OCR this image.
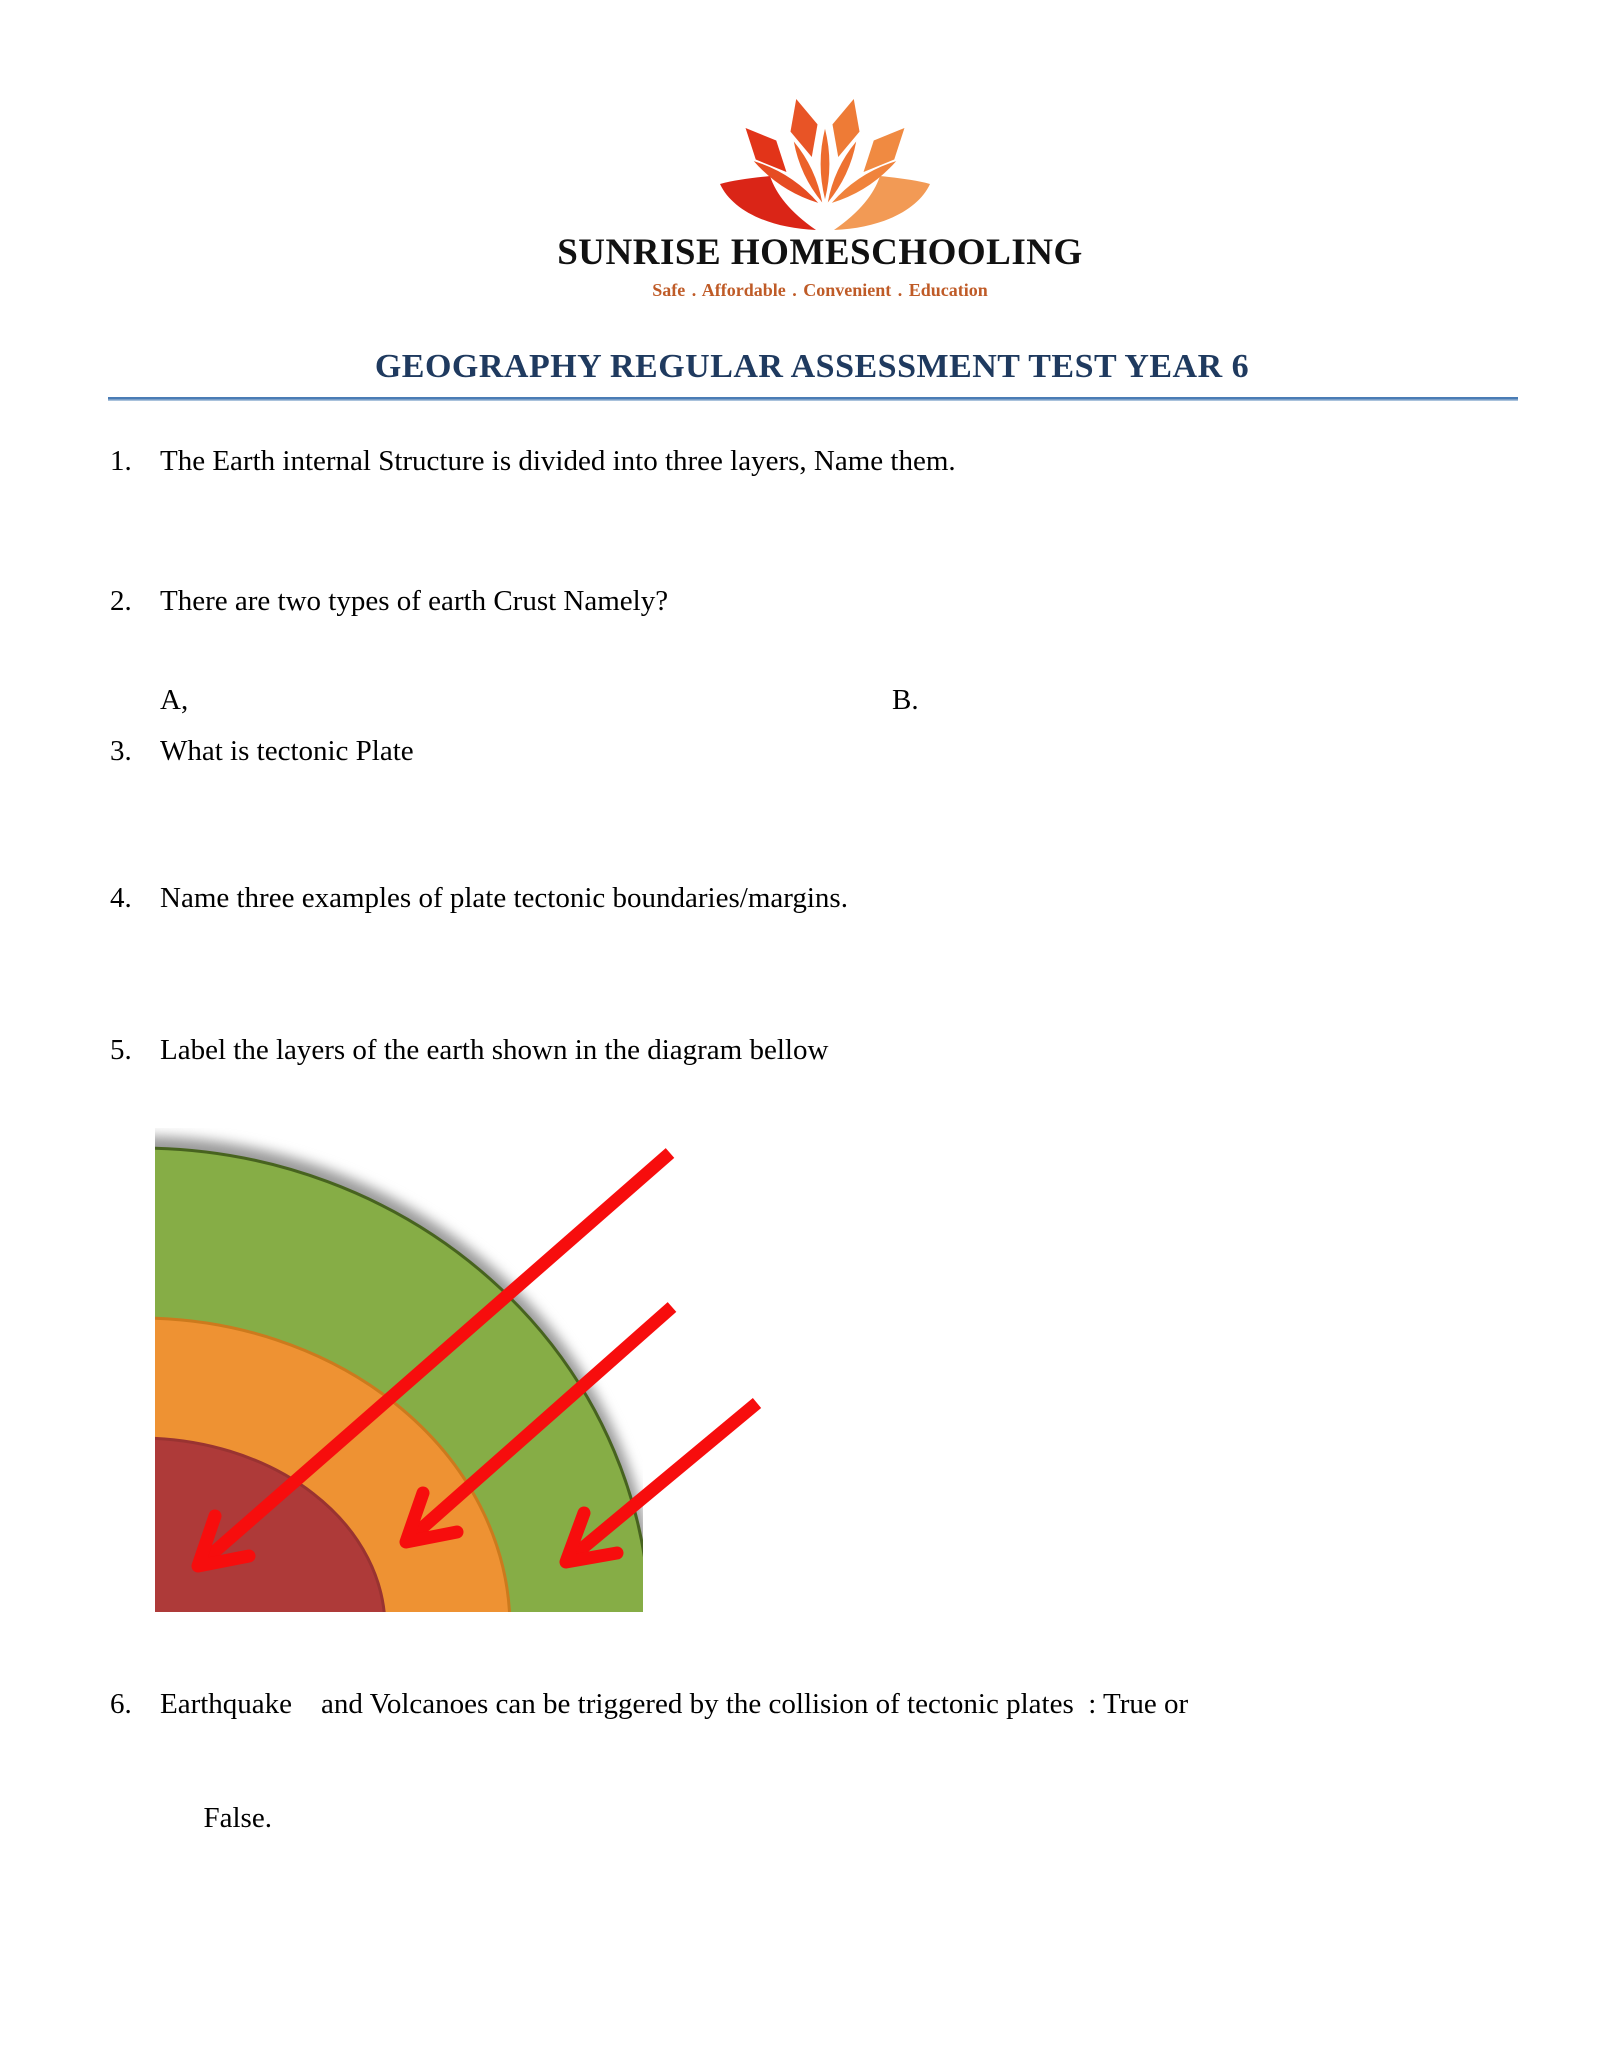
SUNRISE HOMESCHOOLING
Safe . Affordable . Convenient . Education
GEOGRAPHY REGULAR ASSESSMENT TEST YEAR 6
1. The Earth internal Structure is divided into three layers, Name them.
2. There are two types of earth Crust Namely?
A,	B.
3. What is tectonic Plate
4. Name three examples of plate tectonic boundaries/margins.
5. Label the layers of the earth shown in the diagram bellow
6. Earthquake    and Volcanoes can be triggered by the collision of tectonic plates  : True or

False.
